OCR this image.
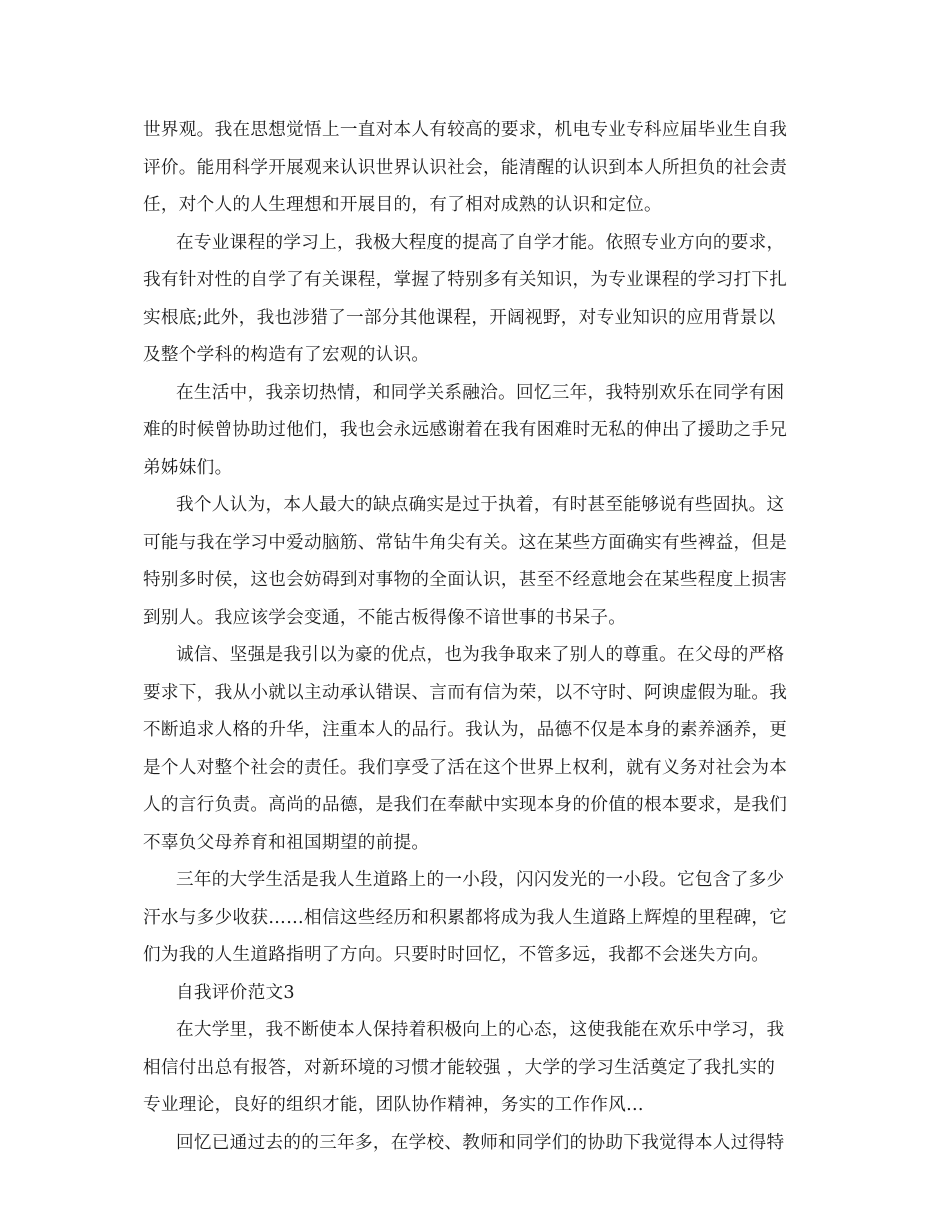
世界观。我在思想觉悟上一直对本人有较高的要求，机电专业专科应届毕业生自我
评价。能用科学开展观来认识世界认识社会，能清醒的认识到本人所担负的社会责
任，对个人的人生理想和开展目的，有了相对成熟的认识和定位。
在专业课程的学习上，我极大程度的提高了自学才能。依照专业方向的要求，
我有针对性的自学了有关课程，掌握了特别多有关知识，为专业课程的学习打下扎
实根底;此外，我也涉猎了一部分其他课程，开阔视野，对专业知识的应用背景以
及整个学科的构造有了宏观的认识。
在生活中，我亲切热情，和同学关系融洽。回忆三年，我特别欢乐在同学有困
难的时候曾协助过他们，我也会永远感谢着在我有困难时无私的伸出了援助之手兄
弟姊妹们。
我个人认为，本人最大的缺点确实是过于执着，有时甚至能够说有些固执。这
可能与我在学习中爱动脑筋、常钻牛角尖有关。这在某些方面确实有些裨益，但是
特别多时侯，这也会妨碍到对事物的全面认识，甚至不经意地会在某些程度上损害
到别人。我应该学会变通，不能古板得像不谙世事的书呆子。
诚信、坚强是我引以为豪的优点，也为我争取来了别人的尊重。在父母的严格
要求下，我从小就以主动承认错误、言而有信为荣，以不守时、阿谀虚假为耻。我
不断追求人格的升华，注重本人的品行。我认为，品德不仅是本身的素养涵养，更
是个人对整个社会的责任。我们享受了活在这个世界上权利，就有义务对社会为本
人的言行负责。高尚的品德，是我们在奉献中实现本身的价值的根本要求，是我们
不辜负父母养育和祖国期望的前提。
三年的大学生活是我人生道路上的一小段，闪闪发光的一小段。它包含了多少
汗水与多少收获……相信这些经历和积累都将成为我人生道路上辉煌的里程碑，它
们为我的人生道路指明了方向。只要时时回忆，不管多远，我都不会迷失方向。
自我评价范文3
在大学里，我不断使本人保持着积极向上的心态，这使我能在欢乐中学习，我
相信付出总有报答，对新环境的习惯才能较强 ，大学的学习生活奠定了我扎实的
专业理论，良好的组织才能，团队协作精神，务实的工作作风...
回忆已通过去的的三年多，在学校、教师和同学们的协助下我觉得本人过得特
